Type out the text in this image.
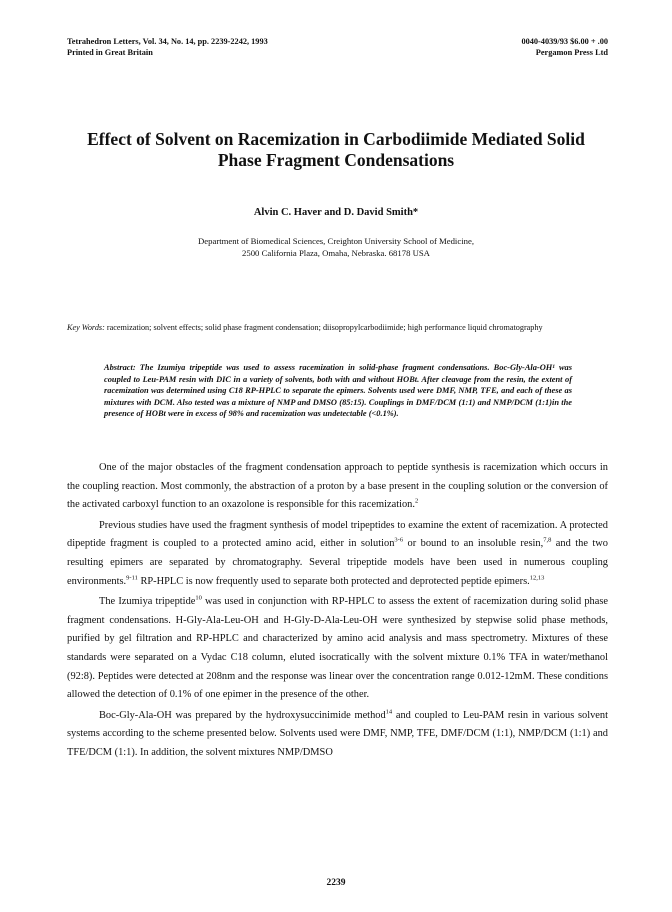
Tetrahedron Letters, Vol. 34, No. 14, pp. 2239-2242, 1993
Printed in Great Britain
0040-4039/93 $6.00 + .00
Pergamon Press Ltd
Effect of Solvent on Racemization in Carbodiimide Mediated Solid
Phase Fragment Condensations
Alvin C. Haver and D. David Smith*
Department of Biomedical Sciences, Creighton University School of Medicine,
2500 California Plaza, Omaha, Nebraska. 68178 USA
Key Words: racemization; solvent effects; solid phase fragment condensation; diisopropylcarbodiimide; high performance liquid chromatography
Abstract: The Izumiya tripeptide was used to assess racemization in solid-phase fragment condensations. Boc-Gly-Ala-OH¹ was coupled to Leu-PAM resin with DIC in a variety of solvents, both with and without HOBt. After cleavage from the resin, the extent of racemization was determined using C18 RP-HPLC to separate the epimers. Solvents used were DMF, NMP, TFE, and each of these as mixtures with DCM. Also tested was a mixture of NMP and DMSO (85:15). Couplings in DMF/DCM (1:1) and NMP/DCM (1:1)in the presence of HOBt were in excess of 98% and racemization was undetectable (<0.1%).

One of the major obstacles of the fragment condensation approach to peptide synthesis is racemization which occurs in the coupling reaction. Most commonly, the abstraction of a proton by a base present in the coupling solution or the conversion of the activated carboxyl function to an oxazolone is responsible for this racemization.$^2$

Previous studies have used the fragment synthesis of model tripeptides to examine the extent of racemization. A protected dipeptide fragment is coupled to a protected amino acid, either in solution$^{3-6}$ or bound to an insoluble resin,$^{7,8}$ and the two resulting epimers are separated by chromatography. Several tripeptide models have been used in numerous coupling environments.$^{9-11}$ RP-HPLC is now frequently used to separate both protected and deprotected peptide epimers.$^{12,13}$

The Izumiya tripeptide$^{10}$ was used in conjunction with RP-HPLC to assess the extent of racemization during solid phase fragment condensations. H-Gly-Ala-Leu-OH and H-Gly-D-Ala-Leu-OH were synthesized by stepwise solid phase methods, purified by gel filtration and RP-HPLC and characterized by amino acid analysis and mass spectrometry. Mixtures of these standards were separated on a Vydac C18 column, eluted isocratically with the solvent mixture 0.1% TFA in water/methanol (92:8). Peptides were detected at 208nm and the response was linear over the concentration range 0.012-12mM. These conditions allowed the detection of 0.1% of one epimer in the presence of the other.

Boc-Gly-Ala-OH was prepared by the hydroxysuccinimide method$^{14}$ and coupled to Leu-PAM resin in various solvent systems according to the scheme presented below. Solvents used were DMF, NMP, TFE, DMF/DCM (1:1), NMP/DCM (1:1) and TFE/DCM (1:1). In addition, the solvent mixtures NMP/DMSO

2239
